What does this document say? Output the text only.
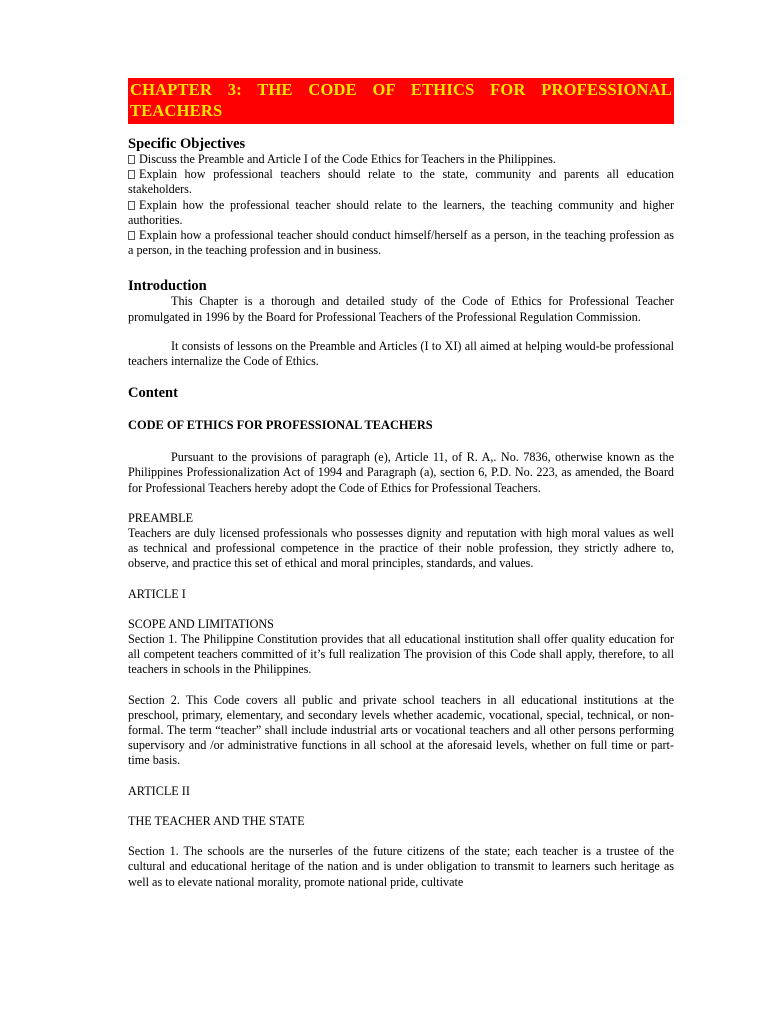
CHAPTER 3: THE CODE OF ETHICS FOR PROFESSIONAL TEACHERS
Specific Objectives
Discuss the Preamble and Article I of the Code Ethics for Teachers in the Philippines.
Explain how professional teachers should relate to the state, community and parents all education stakeholders.
Explain how the professional teacher should relate to the learners, the teaching community and higher authorities.
Explain how a professional teacher should conduct himself/herself as a person, in the teaching profession as a person, in the teaching profession and in business.
Introduction

This Chapter is a thorough and detailed study of the Code of Ethics for Professional Teacher promulgated in 1996 by the Board for Professional Teachers of the Professional Regulation Commission.

It consists of lessons on the Preamble and Articles (I to XI) all aimed at helping would-be professional teachers internalize the Code of Ethics.

Content
CODE OF ETHICS FOR PROFESSIONAL TEACHERS

Pursuant to the provisions of paragraph (e), Article 11, of R. A,. No. 7836, otherwise known as the Philippines Professionalization Act of 1994 and Paragraph (a), section 6, P.D. No. 223, as amended, the Board for Professional Teachers hereby adopt the Code of Ethics for Professional Teachers.

PREAMBLE

Teachers are duly licensed professionals who possesses dignity and reputation with high moral values as well as technical and professional competence in the practice of their noble profession, they strictly adhere to, observe, and practice this set of ethical and moral principles, standards, and values.

ARTICLE I
SCOPE AND LIMITATIONS

Section 1. The Philippine Constitution provides that all educational institution shall offer quality education for all competent teachers committed of it’s full realization The provision of this Code shall apply, therefore, to all teachers in schools in the Philippines.

Section 2. This Code covers all public and private school teachers in all educational institutions at the preschool, primary, elementary, and secondary levels whether academic, vocational, special, technical, or non-formal. The term “teacher” shall include industrial arts or vocational teachers and all other persons performing supervisory and /or administrative functions in all school at the aforesaid levels, whether on full time or part-time basis.

ARTICLE II
THE TEACHER AND THE STATE

Section 1. The schools are the nurserles of the future citizens of the state; each teacher is a trustee of the cultural and educational heritage of the nation and is under obligation to transmit to learners such heritage as well as to elevate national morality, promote national pride, cultivate
